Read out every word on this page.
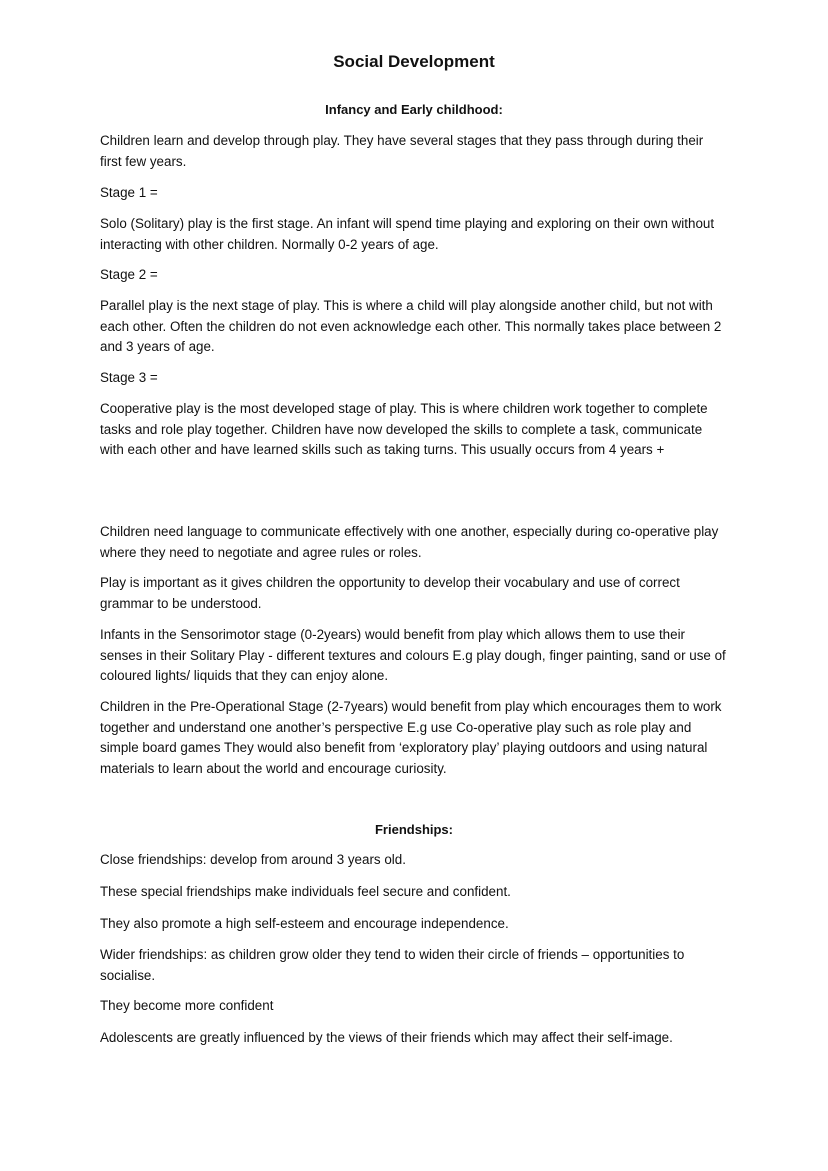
Social Development
Infancy and Early childhood:

Children learn and develop through play. They have several stages that they pass through during their first few years.

Stage 1 =

Solo (Solitary) play is the first stage. An infant will spend time playing and exploring on their own without interacting with other children. Normally 0-2 years of age.

Stage 2 =

Parallel play is the next stage of play. This is where a child will play alongside another child, but not with each other. Often the children do not even acknowledge each other. This normally takes place between 2 and 3 years of age.

Stage 3 =

Cooperative play is the most developed stage of play. This is where children work together to complete tasks and role play together. Children have now developed the skills to complete a task, communicate with each other and have learned skills such as taking turns. This usually occurs from 4 years +

Children need language to communicate effectively with one another, especially during co-operative play where they need to negotiate and agree rules or roles.

Play is important as it gives children the opportunity to develop their vocabulary and use of correct grammar to be understood.

Infants in the Sensorimotor stage (0-2years) would benefit from play which allows them to use their senses in their Solitary Play - different textures and colours E.g play dough, finger painting, sand or use of coloured lights/ liquids that they can enjoy alone.

Children in the Pre-Operational Stage (2-7years) would benefit from play which encourages them to work together and understand one another’s perspective E.g use Co-operative play such as role play and simple board games They would also benefit from ‘exploratory play’ playing outdoors and using natural materials to learn about the world and encourage curiosity.

Friendships:

Close friendships: develop from around 3 years old.

These special friendships make individuals feel secure and confident.

They also promote a high self-esteem and encourage independence.

Wider friendships: as children grow older they tend to widen their circle of friends – opportunities to socialise.

They become more confident

Adolescents are greatly influenced by the views of their friends which may affect their self-image.
